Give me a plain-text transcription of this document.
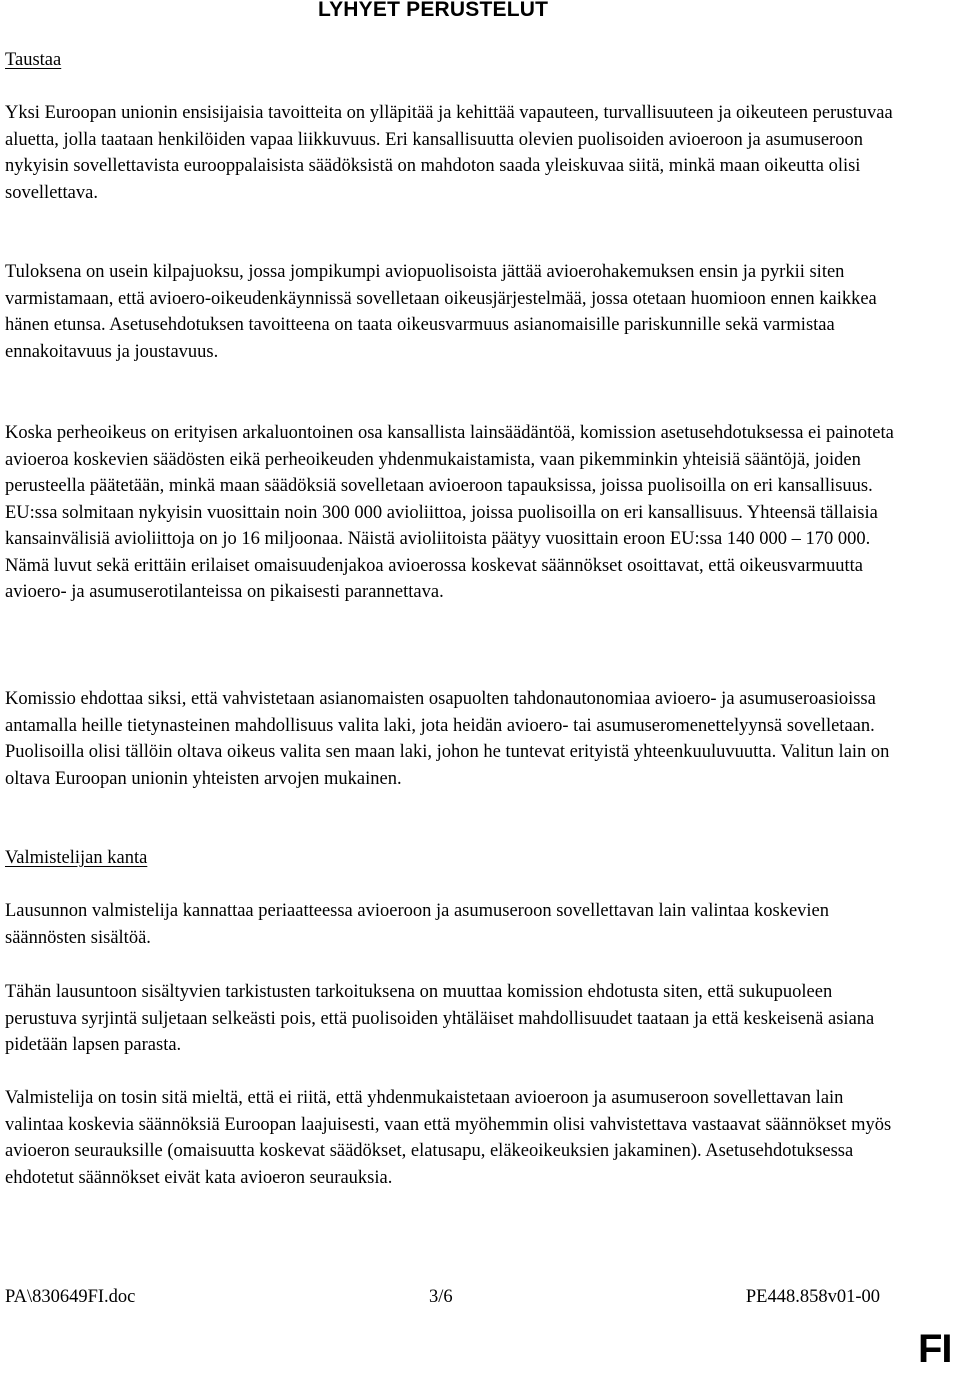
LYHYET PERUSTELUT
Taustaa

Yksi Euroopan unionin ensisijaisia tavoitteita on ylläpitää ja kehittää vapauteen, turvallisuuteen ja oikeuteen perustuvaa aluetta, jolla taataan henkilöiden vapaa liikkuvuus. Eri kansallisuutta olevien puolisoiden avioeroon ja asumuseroon nykyisin sovellettavista eurooppalaisista säädöksistä on mahdoton saada yleiskuvaa siitä, minkä maan oikeutta olisi sovellettava.

Tuloksena on usein kilpajuoksu, jossa jompikumpi aviopuolisoista jättää avioerohakemuksen ensin ja pyrkii siten varmistamaan, että avioero-oikeudenkäynnissä sovelletaan oikeusjärjestelmää, jossa otetaan huomioon ennen kaikkea hänen etunsa. Asetusehdotuksen tavoitteena on taata oikeusvarmuus asianomaisille pariskunnille sekä varmistaa ennakoitavuus ja joustavuus.

Koska perheoikeus on erityisen arkaluontoinen osa kansallista lainsäädäntöä, komission asetusehdotuksessa ei painoteta avioeroa koskevien säädösten eikä perheoikeuden yhdenmukaistamista, vaan pikemminkin yhteisiä sääntöjä, joiden perusteella päätetään, minkä maan säädöksiä sovelletaan avioeroon tapauksissa, joissa puolisoilla on eri kansallisuus. EU:ssa solmitaan nykyisin vuosittain noin 300 000 avioliittoa, joissa puolisoilla on eri kansallisuus. Yhteensä tällaisia kansainvälisiä avioliittoja on jo 16 miljoonaa. Näistä avioliitoista päätyy vuosittain eroon EU:ssa 140 000 – 170 000. Nämä luvut sekä erittäin erilaiset omaisuudenjakoa avioerossa koskevat säännökset osoittavat, että oikeusvarmuutta avioero- ja asumuserotilanteissa on pikaisesti parannettava.

Komissio ehdottaa siksi, että vahvistetaan asianomaisten osapuolten tahdonautonomiaa avioero- ja asumuseroasioissa antamalla heille tietynasteinen mahdollisuus valita laki, jota heidän avioero- tai asumuseromenettelyynsä sovelletaan. Puolisoilla olisi tällöin oltava oikeus valita sen maan laki, johon he tuntevat erityistä yhteenkuuluvuutta. Valitun lain on oltava Euroopan unionin yhteisten arvojen mukainen.

Valmistelijan kanta

Lausunnon valmistelija kannattaa periaatteessa avioeroon ja asumuseroon sovellettavan lain valintaa koskevien säännösten sisältöä.

Tähän lausuntoon sisältyvien tarkistusten tarkoituksena on muuttaa komission ehdotusta siten, että sukupuoleen perustuva syrjintä suljetaan selkeästi pois, että puolisoiden yhtäläiset mahdollisuudet taataan ja että keskeisenä asiana pidetään lapsen parasta.

Valmistelija on tosin sitä mieltä, että ei riitä, että yhdenmukaistetaan avioeroon ja asumuseroon sovellettavan lain valintaa koskevia säännöksiä Euroopan laajuisesti, vaan että myöhemmin olisi vahvistettava vastaavat säännökset myös avioeron seurauksille (omaisuutta koskevat säädökset, elatusapu, eläkeoikeuksien jakaminen). Asetusehdotuksessa ehdotetut säännökset eivät kata avioeron seurauksia.

PA\830649FI.doc	3/6	PE448.858v01-00
FI
